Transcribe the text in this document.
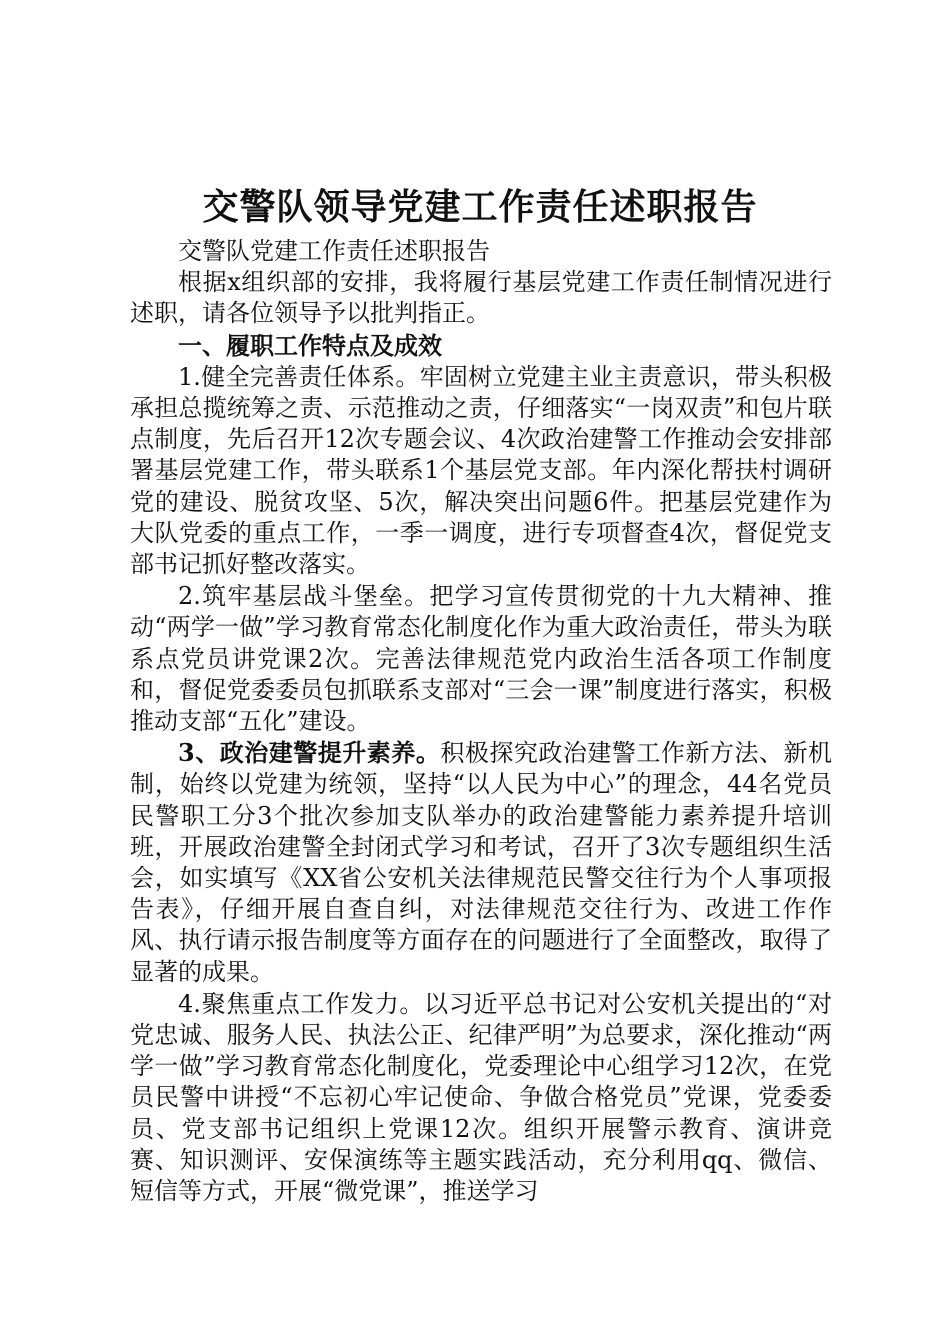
交警队领导党建工作责任述职报告

交警队党建工作责任述职报告

根据x组织部的安排，我将履行基层党建工作责任制情况进行述职，请各位领导予以批判指正。

一、履职工作特点及成效

1.健全完善责任体系。牢固树立党建主业主责意识，带头积极承担总揽统筹之责、示范推动之责，仔细落实“一岗双责”和包片联点制度，先后召开12次专题会议、4次政治建警工作推动会安排部署基层党建工作，带头联系1个基层党支部。年内深化帮扶村调研党的建设、脱贫攻坚、5次，解决突出问题6件。把基层党建作为大队党委的重点工作，一季一调度，进行专项督查4次，督促党支部书记抓好整改落实。

2.筑牢基层战斗堡垒。把学习宣传贯彻党的十九大精神、推动“两学一做”学习教育常态化制度化作为重大政治责任，带头为联系点党员讲党课2次。完善法律规范党内政治生活各项工作制度和，督促党委委员包抓联系支部对“三会一课”制度进行落实，积极推动支部“五化”建设。

3、政治建警提升素养。积极探究政治建警工作新方法、新机制，始终以党建为统领，坚持“以人民为中心”的理念，44名党员民警职工分3个批次参加支队举办的政治建警能力素养提升培训班，开展政治建警全封闭式学习和考试，召开了3次专题组织生活会，如实填写《XX省公安机关法律规范民警交往行为个人事项报告表》，仔细开展自查自纠，对法律规范交往行为、改进工作作风、执行请示报告制度等方面存在的问题进行了全面整改，取得了显著的成果。

4.聚焦重点工作发力。以习近平总书记对公安机关提出的“对党忠诚、服务人民、执法公正、纪律严明”为总要求，深化推动“两学一做”学习教育常态化制度化，党委理论中心组学习12次，在党员民警中讲授“不忘初心牢记使命、争做合格党员”党课，党委委员、党支部书记组织上党课12次。组织开展警示教育、演讲竞赛、知识测评、安保演练等主题实践活动，充分利用qq、微信、短信等方式，开展“微党课”，推送学习
